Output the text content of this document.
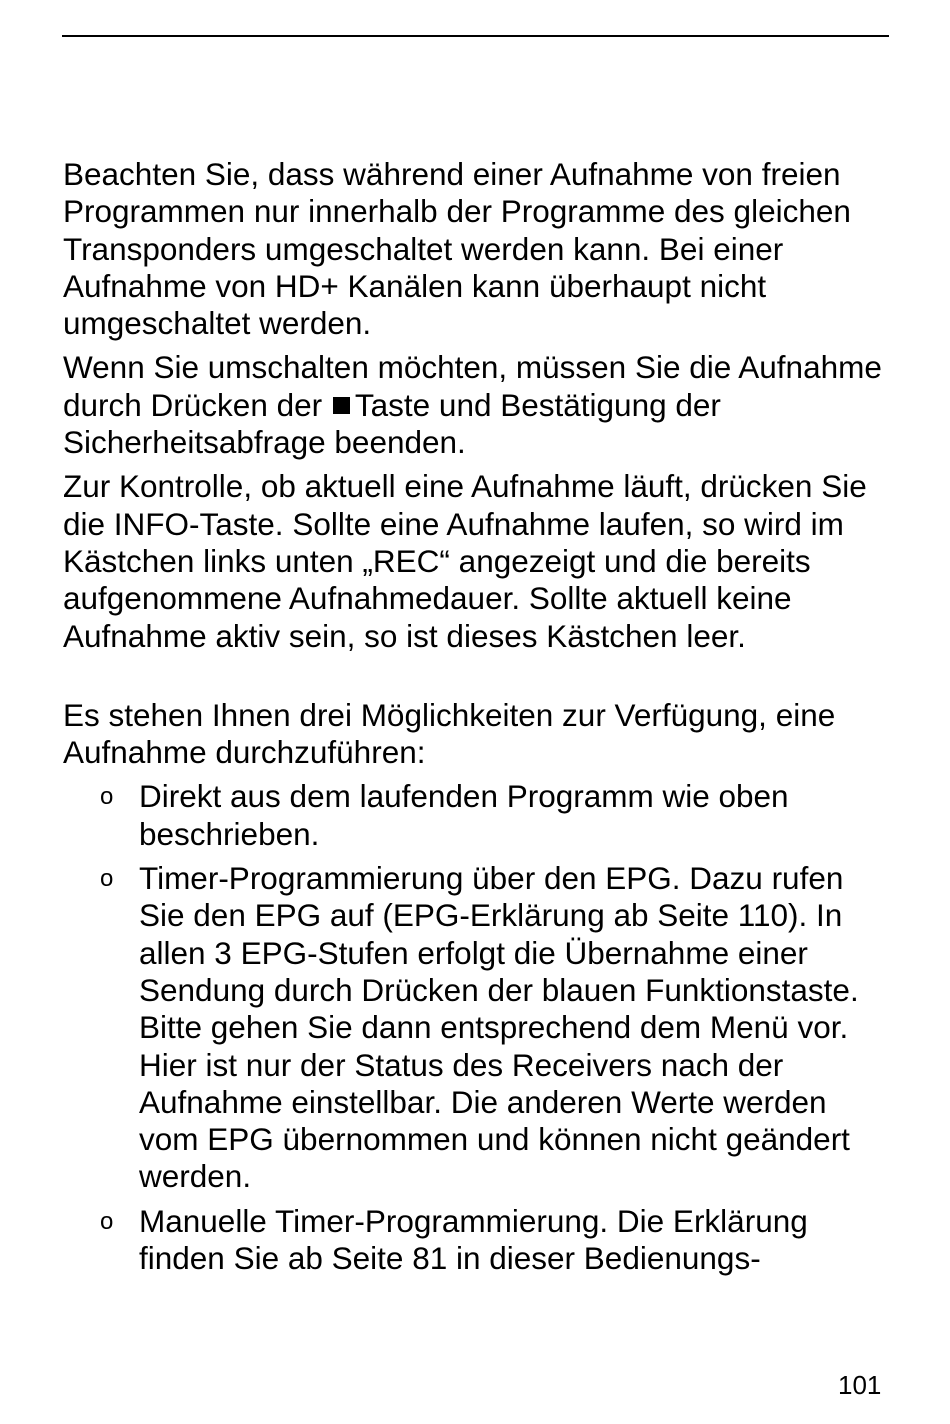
Beachten Sie, dass während einer Aufnahme von freien Programmen nur innerhalb der Programme des gleichen Transponders umgeschaltet werden kann. Bei einer Aufnahme von HD+ Kanälen kann überhaupt nicht umgeschaltet werden.

Wenn Sie umschalten möchten, müssen Sie die Aufnahme durch Drücken der Taste und Bestätigung der Sicherheitsabfrage beenden.

Zur Kontrolle, ob aktuell eine Aufnahme läuft, drücken Sie die INFO-Taste. Sollte eine Aufnahme laufen, so wird im Kästchen links unten „REC“ angezeigt und die bereits aufgenommene Aufnahmedauer. Sollte aktuell keine Aufnahme aktiv sein, so ist dieses Kästchen leer.

Es stehen Ihnen drei Möglichkeiten zur Verfügung, eine Aufnahme durchzuführen:

o Direkt aus dem laufenden Programm wie oben beschrieben.
o Timer-Programmierung über den EPG. Dazu rufen Sie den EPG auf (EPG-Erklärung ab Seite 110). In allen 3 EPG-Stufen erfolgt die Übernahme einer Sendung durch Drücken der blauen Funktionstaste. Bitte gehen Sie dann entsprechend dem Menü vor. Hier ist nur der Status des Receivers nach der Aufnahme einstellbar. Die anderen Werte werden vom EPG übernommen und können nicht geändert werden.
o Manuelle Timer-Programmierung. Die Erklärung finden Sie ab Seite 81 in dieser Bedienungs-
101
